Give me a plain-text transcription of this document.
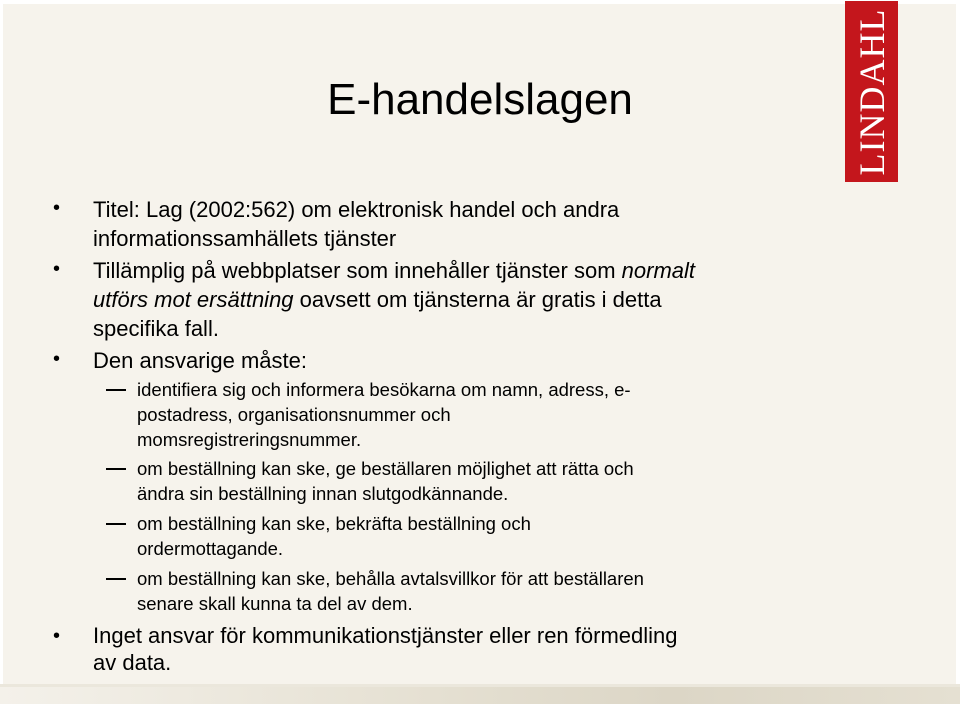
LINDAHL
E-handelslagen
• Titel: Lag (2002:562) om elektronisk handel och andra
informationssamhällets tjänster
• Tillämplig på webbplatser som innehåller tjänster som normalt
utförs mot ersättning oavsett om tjänsterna är gratis i detta
specifika fall.
• Den ansvarige måste:
identifiera sig och informera besökarna om namn, adress, e-
postadress, organisationsnummer och
momsregistreringsnummer.
om beställning kan ske, ge beställaren möjlighet att rätta och
ändra sin beställning innan slutgodkännande.
om beställning kan ske, bekräfta beställning och
ordermottagande.
om beställning kan ske, behålla avtalsvillkor för att beställaren
senare skall kunna ta del av dem.
• Inget ansvar för kommunikationstjänster eller ren förmedling
av data.
